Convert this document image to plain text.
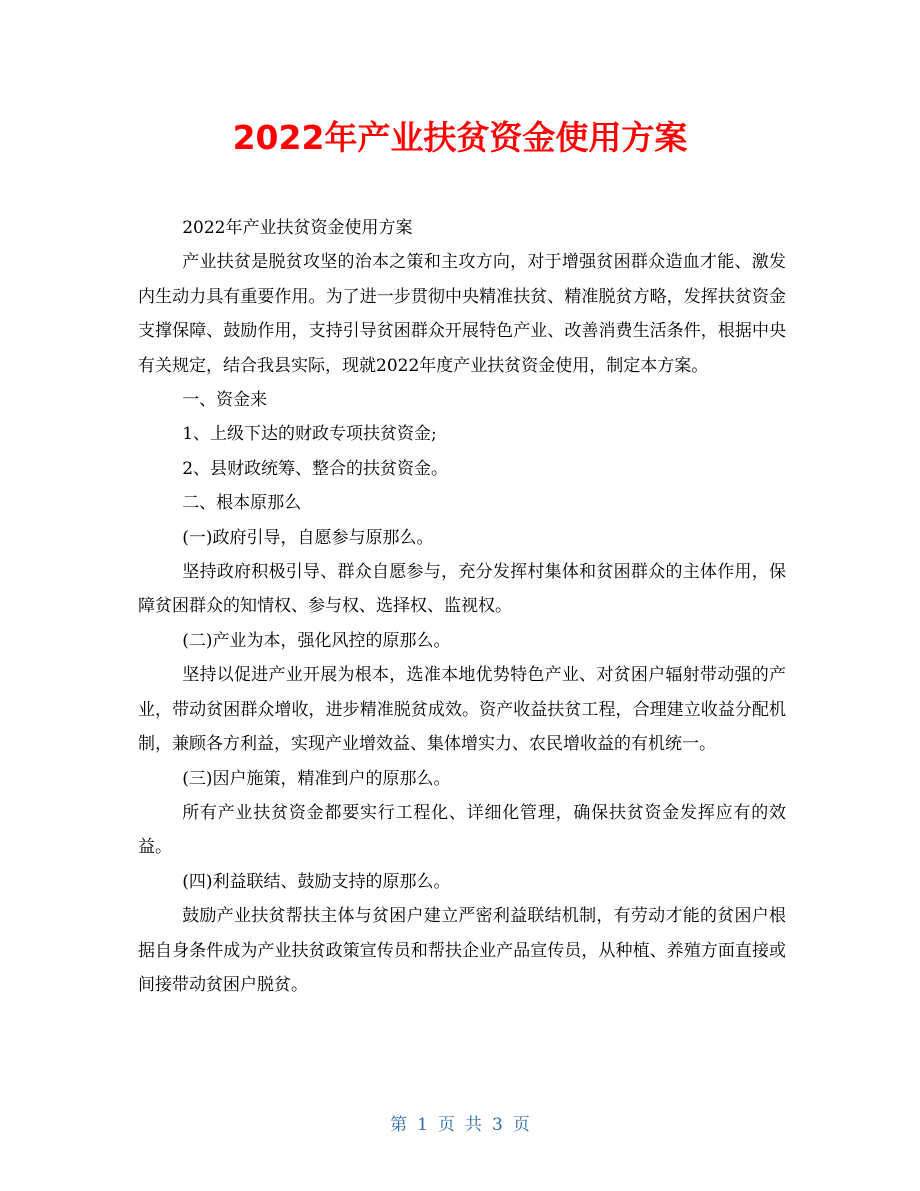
2022年产业扶贫资金使用方案

2022年产业扶贫资金使用方案

产业扶贫是脱贫攻坚的治本之策和主攻方向，对于增强贫困群众造血才能、激发内生动力具有重要作用。为了进一步贯彻中央精准扶贫、精准脱贫方略，发挥扶贫资金支撑保障、鼓励作用，支持引导贫困群众开展特色产业、改善消费生活条件，根据中央有关规定，结合我县实际，现就2022年度产业扶贫资金使用，制定本方案。

一、资金来

1、上级下达的财政专项扶贫资金;

2、县财政统筹、整合的扶贫资金。

二、根本原那么

(一)政府引导，自愿参与原那么。

坚持政府积极引导、群众自愿参与，充分发挥村集体和贫困群众的主体作用，保障贫困群众的知情权、参与权、选择权、监视权。

(二)产业为本，强化风控的原那么。

坚持以促进产业开展为根本，选准本地优势特色产业、对贫困户辐射带动强的产业，带动贫困群众增收，进步精准脱贫成效。资产收益扶贫工程，合理建立收益分配机制，兼顾各方利益，实现产业增效益、集体增实力、农民增收益的有机统一。

(三)因户施策，精准到户的原那么。

所有产业扶贫资金都要实行工程化、详细化管理，确保扶贫资金发挥应有的效益。

(四)利益联结、鼓励支持的原那么。

鼓励产业扶贫帮扶主体与贫困户建立严密利益联结机制，有劳动才能的贫困户根据自身条件成为产业扶贫政策宣传员和帮扶企业产品宣传员，从种植、养殖方面直接或间接带动贫困户脱贫。

第 1 页 共 3 页
